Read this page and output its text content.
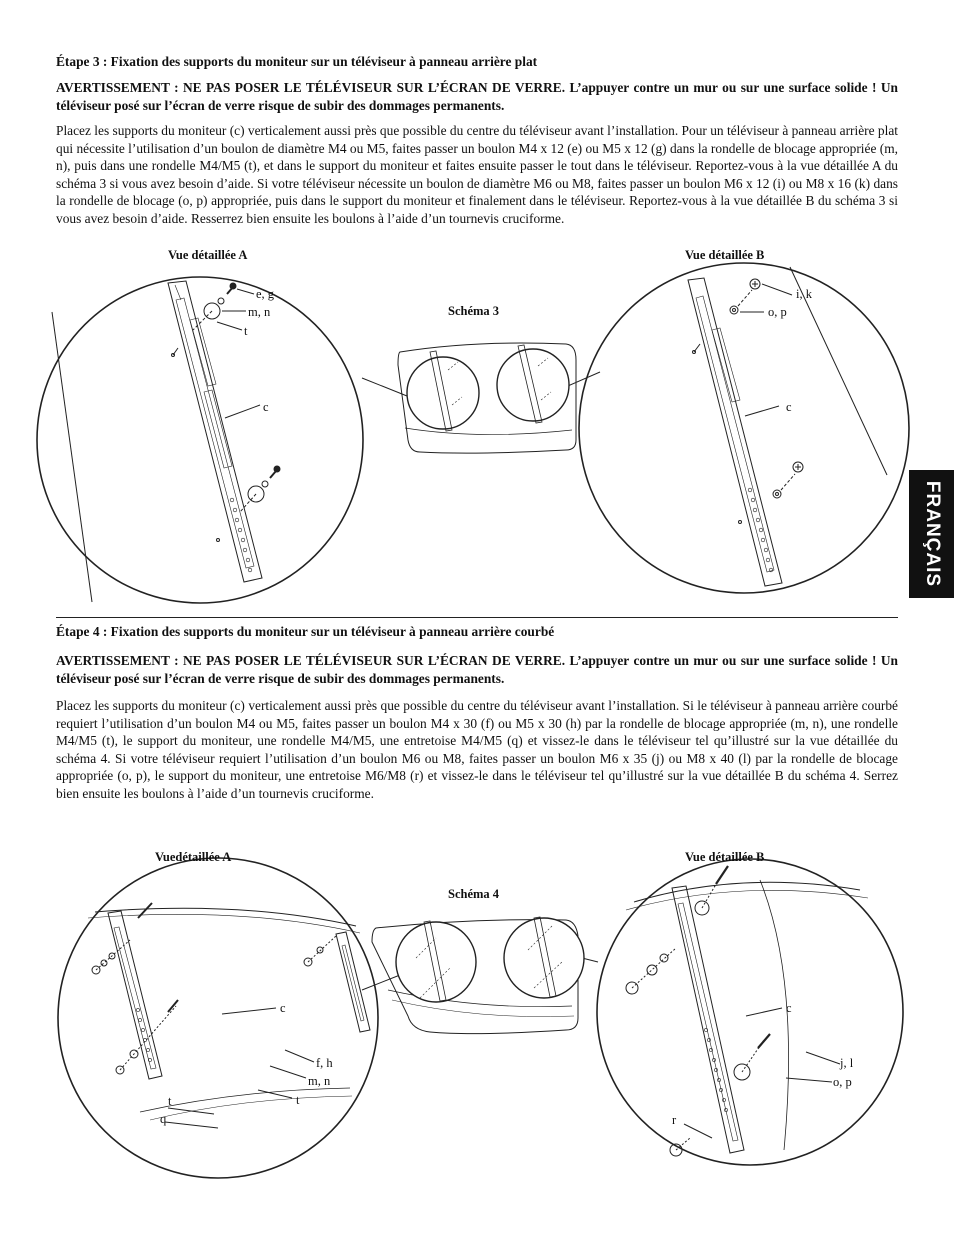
Étape 3 : Fixation des supports du moniteur sur un téléviseur à panneau arrière plat
AVERTISSEMENT : NE PAS POSER LE TÉLÉVISEUR SUR L’ÉCRAN DE VERRE. L’appuyer contre un mur ou sur une surface solide ! Un téléviseur posé sur l’écran de verre risque de subir des dommages permanents.
Placez les supports du moniteur (c) verticalement aussi près que possible du centre du téléviseur avant l’installation. Pour un téléviseur à panneau arrière plat qui nécessite l’utilisation d’un boulon de diamètre M4 ou M5, faites passer un boulon M4 x 12 (e) ou M5 x 12 (g) dans la rondelle de blocage appropriée (m, n), puis dans une rondelle M4/M5 (t), et dans le support du moniteur et faites ensuite passer le tout dans le téléviseur. Reportez-vous à la vue détaillée A du schéma 3 si vous avez besoin d’aide. Si votre téléviseur nécessite un boulon de diamètre M6 ou M8, faites passer un boulon M6 x 12 (i) ou M8 x 16 (k) dans la rondelle de blocage (o, p) appropriée, puis dans le support du moniteur et finalement dans le téléviseur. Reportez-vous à la vue détaillée B du schéma 3 si vous avez besoin d’aide. Resserrez bien ensuite les boulons à l’aide d’un tournevis cruciforme.
Vue détaillée A	Vue détaillée B
Schéma 3
e, g
m, n
t
c
i, k
o, p
c
FRANÇAIS
Étape 4 : Fixation des supports du moniteur sur un téléviseur à panneau arrière courbé
AVERTISSEMENT : NE PAS POSER LE TÉLÉVISEUR SUR L’ÉCRAN DE VERRE. L’appuyer contre un mur ou sur une surface solide ! Un téléviseur posé sur l’écran de verre risque de subir des dommages permanents.
Placez les supports du moniteur (c) verticalement aussi près que possible du centre du téléviseur avant l’installation. Si le téléviseur à panneau arrière courbé requiert l’utilisation d’un boulon M4 ou M5, faites passer un boulon M4 x 30 (f) ou M5 x 30 (h) par la rondelle de blocage appropriée (m, n), une rondelle M4/M5 (t), le support du moniteur, une rondelle M4/M5, une entretoise M4/M5 (q) et vissez-le dans le téléviseur tel qu’illustré sur la vue détaillée du schéma 4. Si votre téléviseur requiert l’utilisation d’un boulon M6 ou M8, faites passer un boulon M6 x 35 (j) ou M8 x 40 (l) par la rondelle de blocage appropriée (o, p), le support du moniteur, une entretoise M6/M8 (r) et vissez-le dans le téléviseur tel qu’illustré sur la vue détaillée B du schéma 4. Serrez bien ensuite les boulons à l’aide d’un tournevis cruciforme.
Vuedétaillée A	Vue détaillée B
Schéma 4
c
f, h
m, n
t
t
q
c
j, l
o, p
r
